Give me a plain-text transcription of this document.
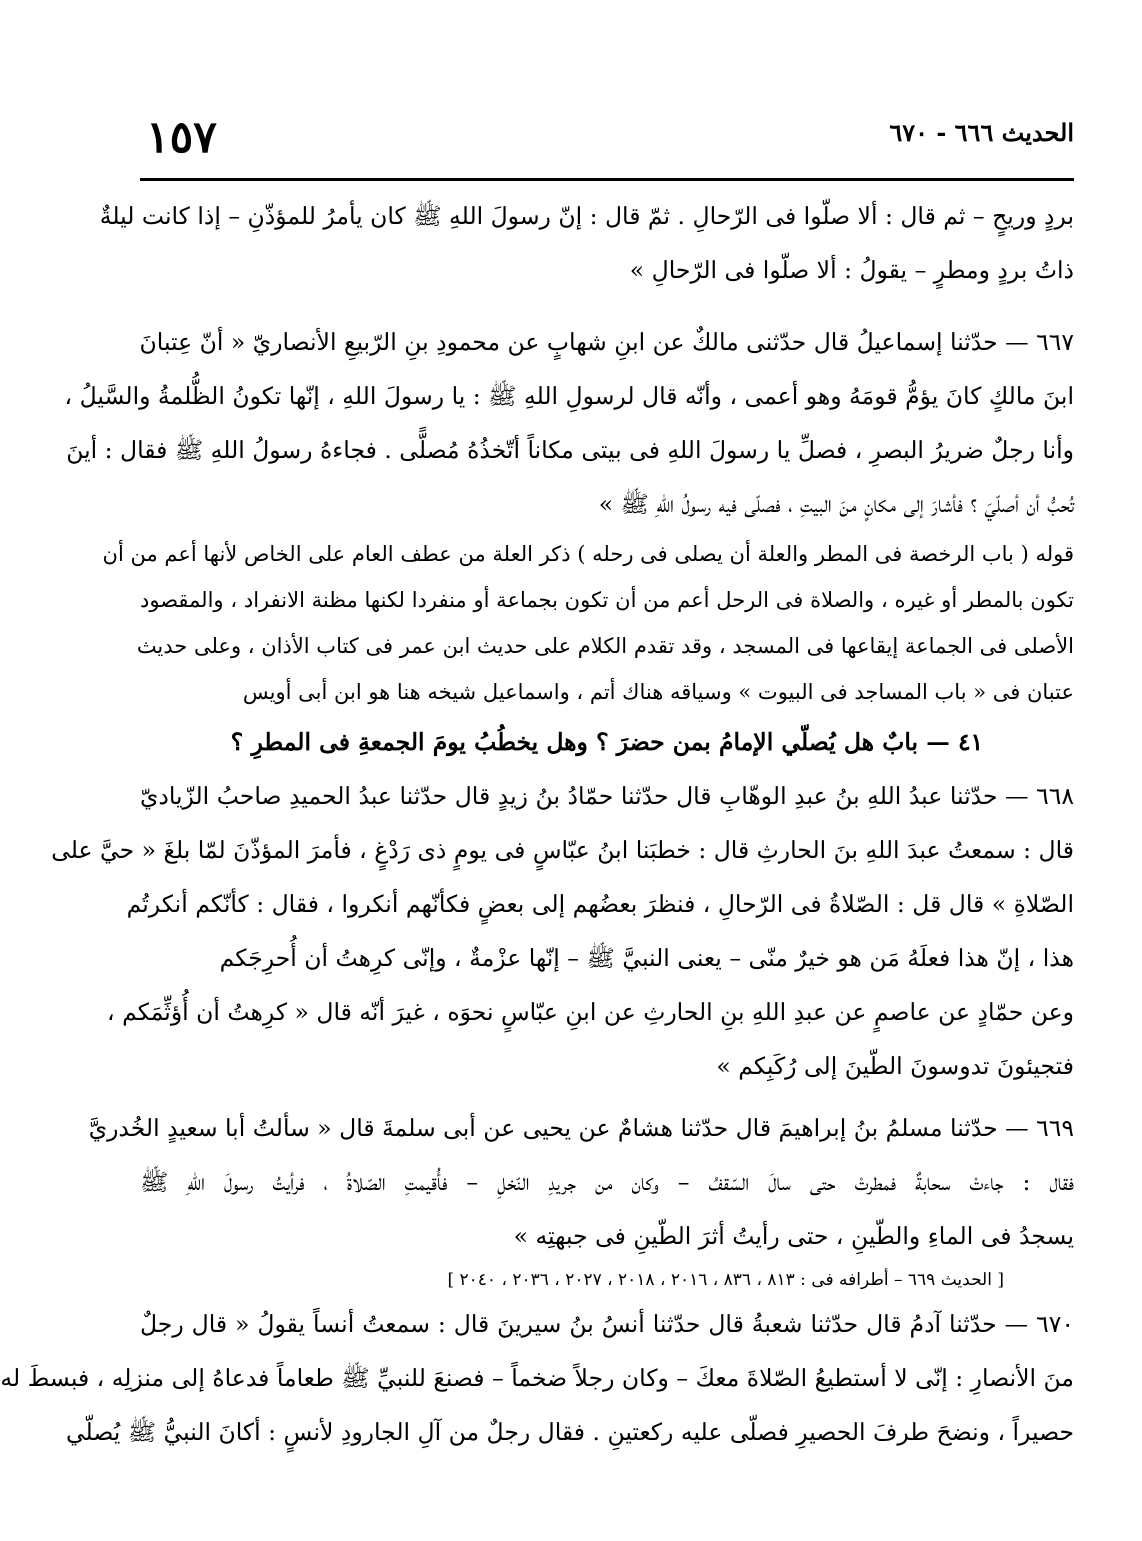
الحديث ٦٦٦ - ٦٧٠
١٥٧
بردٍ وريحٍ – ثم قال : ألا صلّوا فى الرّحالِ . ثمّ قال : إنّ رسولَ اللهِ ﷺ كان يأمرُ للمؤذّنِ – إذا كانت ليلةٌ
ذاتُ بردٍ ومطرٍ – يقولُ : ألا صلّوا فى الرّحالِ »
٦٦٧ — حدّثنا إسماعيلُ قال حدّثنى مالكٌ عن ابنِ شهابٍ عن محمودِ بنِ الرّبيعِ الأنصاريّ « أنّ عِتبانَ
ابنَ مالكٍ كانَ يؤمُّ قومَهُ وهو أعمى ، وأنّه قال لرسولِ اللهِ ﷺ : يا رسولَ اللهِ ، إنّها تكونُ الظُّلمةُ والسَّيلُ ،
وأنا رجلٌ ضريرُ البصرِ ، فصلِّ يا رسولَ اللهِ فى بيتى مكاناً أتّخذُهُ مُصلًّى . فجاءهُ رسولُ اللهِ ﷺ فقال : أينَ
تُحبُّ أن أصلّيَ ؟ فأشارَ إلى مكانٍ منَ البيتِ ، فصلّى فيه رسولُ اللهِ ﷺ »
قوله ( باب الرخصة فى المطر والعلة أن يصلى فى رحله ) ذكر العلة من عطف العام على الخاص لأنها أعم من أن
تكون بالمطر أو غيره ، والصلاة فى الرحل أعم من أن تكون بجماعة أو منفردا لكنها مظنة الانفراد ، والمقصود
الأصلى فى الجماعة إيقاعها فى المسجد ، وقد تقدم الكلام على حديث ابن عمر فى كتاب الأذان ، وعلى حديث
عتبان فى « باب المساجد فى البيوت » وسياقه هناك أتم ، واسماعيل شيخه هنا هو ابن أبى أويس
٤١ — بابٌ هل يُصلّي الإمامُ بمن حضرَ ؟ وهل يخطُبُ يومَ الجمعةِ فى المطرِ ؟
٦٦٨ — حدّثنا عبدُ اللهِ بنُ عبدِ الوهّابِ قال حدّثنا حمّادُ بنُ زيدٍ قال حدّثنا عبدُ الحميدِ صاحبُ الزّياديّ
قال : سمعتُ عبدَ اللهِ بنَ الحارثِ قال : خطبَنا ابنُ عبّاسٍ فى يومٍ ذى رَدْغٍ ، فأمرَ المؤذّنَ لمّا بلغَ « حيَّ على
الصّلاةِ » قال قل : الصّلاةُ فى الرّحالِ ، فنظرَ بعضُهم إلى بعضٍ فكأنّهم أنكروا ، فقال : كأنّكم أنكرتُم
هذا ، إنّ هذا فعلَهُ مَن هو خيرٌ منّى – يعنى النبيَّ ﷺ – إنّها عزْمةٌ ، وإنّى كرِهتُ أن أُحرِجَكم
وعن حمّادٍ عن عاصمٍ عن عبدِ اللهِ بنِ الحارثِ عن ابنِ عبّاسٍ نحوَه ، غيرَ أنّه قال « كرِهتُ أن أُؤثِّمَكم ،
فتجيئونَ تدوسونَ الطّينَ إلى رُكَبِكم »
٦٦٩ — حدّثنا مسلمُ بنُ إبراهيمَ قال حدّثنا هشامٌ عن يحيى عن أبى سلمةَ قال « سألتُ أبا سعيدٍ الخُدريَّ
فقال : جاءتْ سحابةٌ فمطرتْ حتى سالَ السّقفُ – وكان من جريدِ النّخلِ – فأُقيمتِ الصّلاةُ ، فرأيتُ رسولَ اللهِ ﷺ
يسجدُ فى الماءِ والطّينِ ، حتى رأيتُ أثرَ الطّينِ فى جبهتِه »
[ الحديث ٦٦٩ – أطرافه فى : ٨١٣ ، ٨٣٦ ، ٢٠١٦ ، ٢٠١٨ ، ٢٠٢٧ ، ٢٠٣٦ ، ٢٠٤٠ ]
٦٧٠ — حدّثنا آدمُ قال حدّثنا شعبةُ قال حدّثنا أنسُ بنُ سيرينَ قال : سمعتُ أنساً يقولُ « قال رجلٌ
منَ الأنصارِ : إنّى لا أستطيعُ الصّلاةَ معكَ – وكان رجلاً ضخماً – فصنعَ للنبيِّ ﷺ طعاماً فدعاهُ إلى منزلِه ، فبسطَ له
حصيراً ، ونضحَ طرفَ الحصيرِ فصلّى عليه ركعتينِ . فقال رجلٌ من آلِ الجارودِ لأنسٍ : أكانَ النبيُّ ﷺ يُصلّي
